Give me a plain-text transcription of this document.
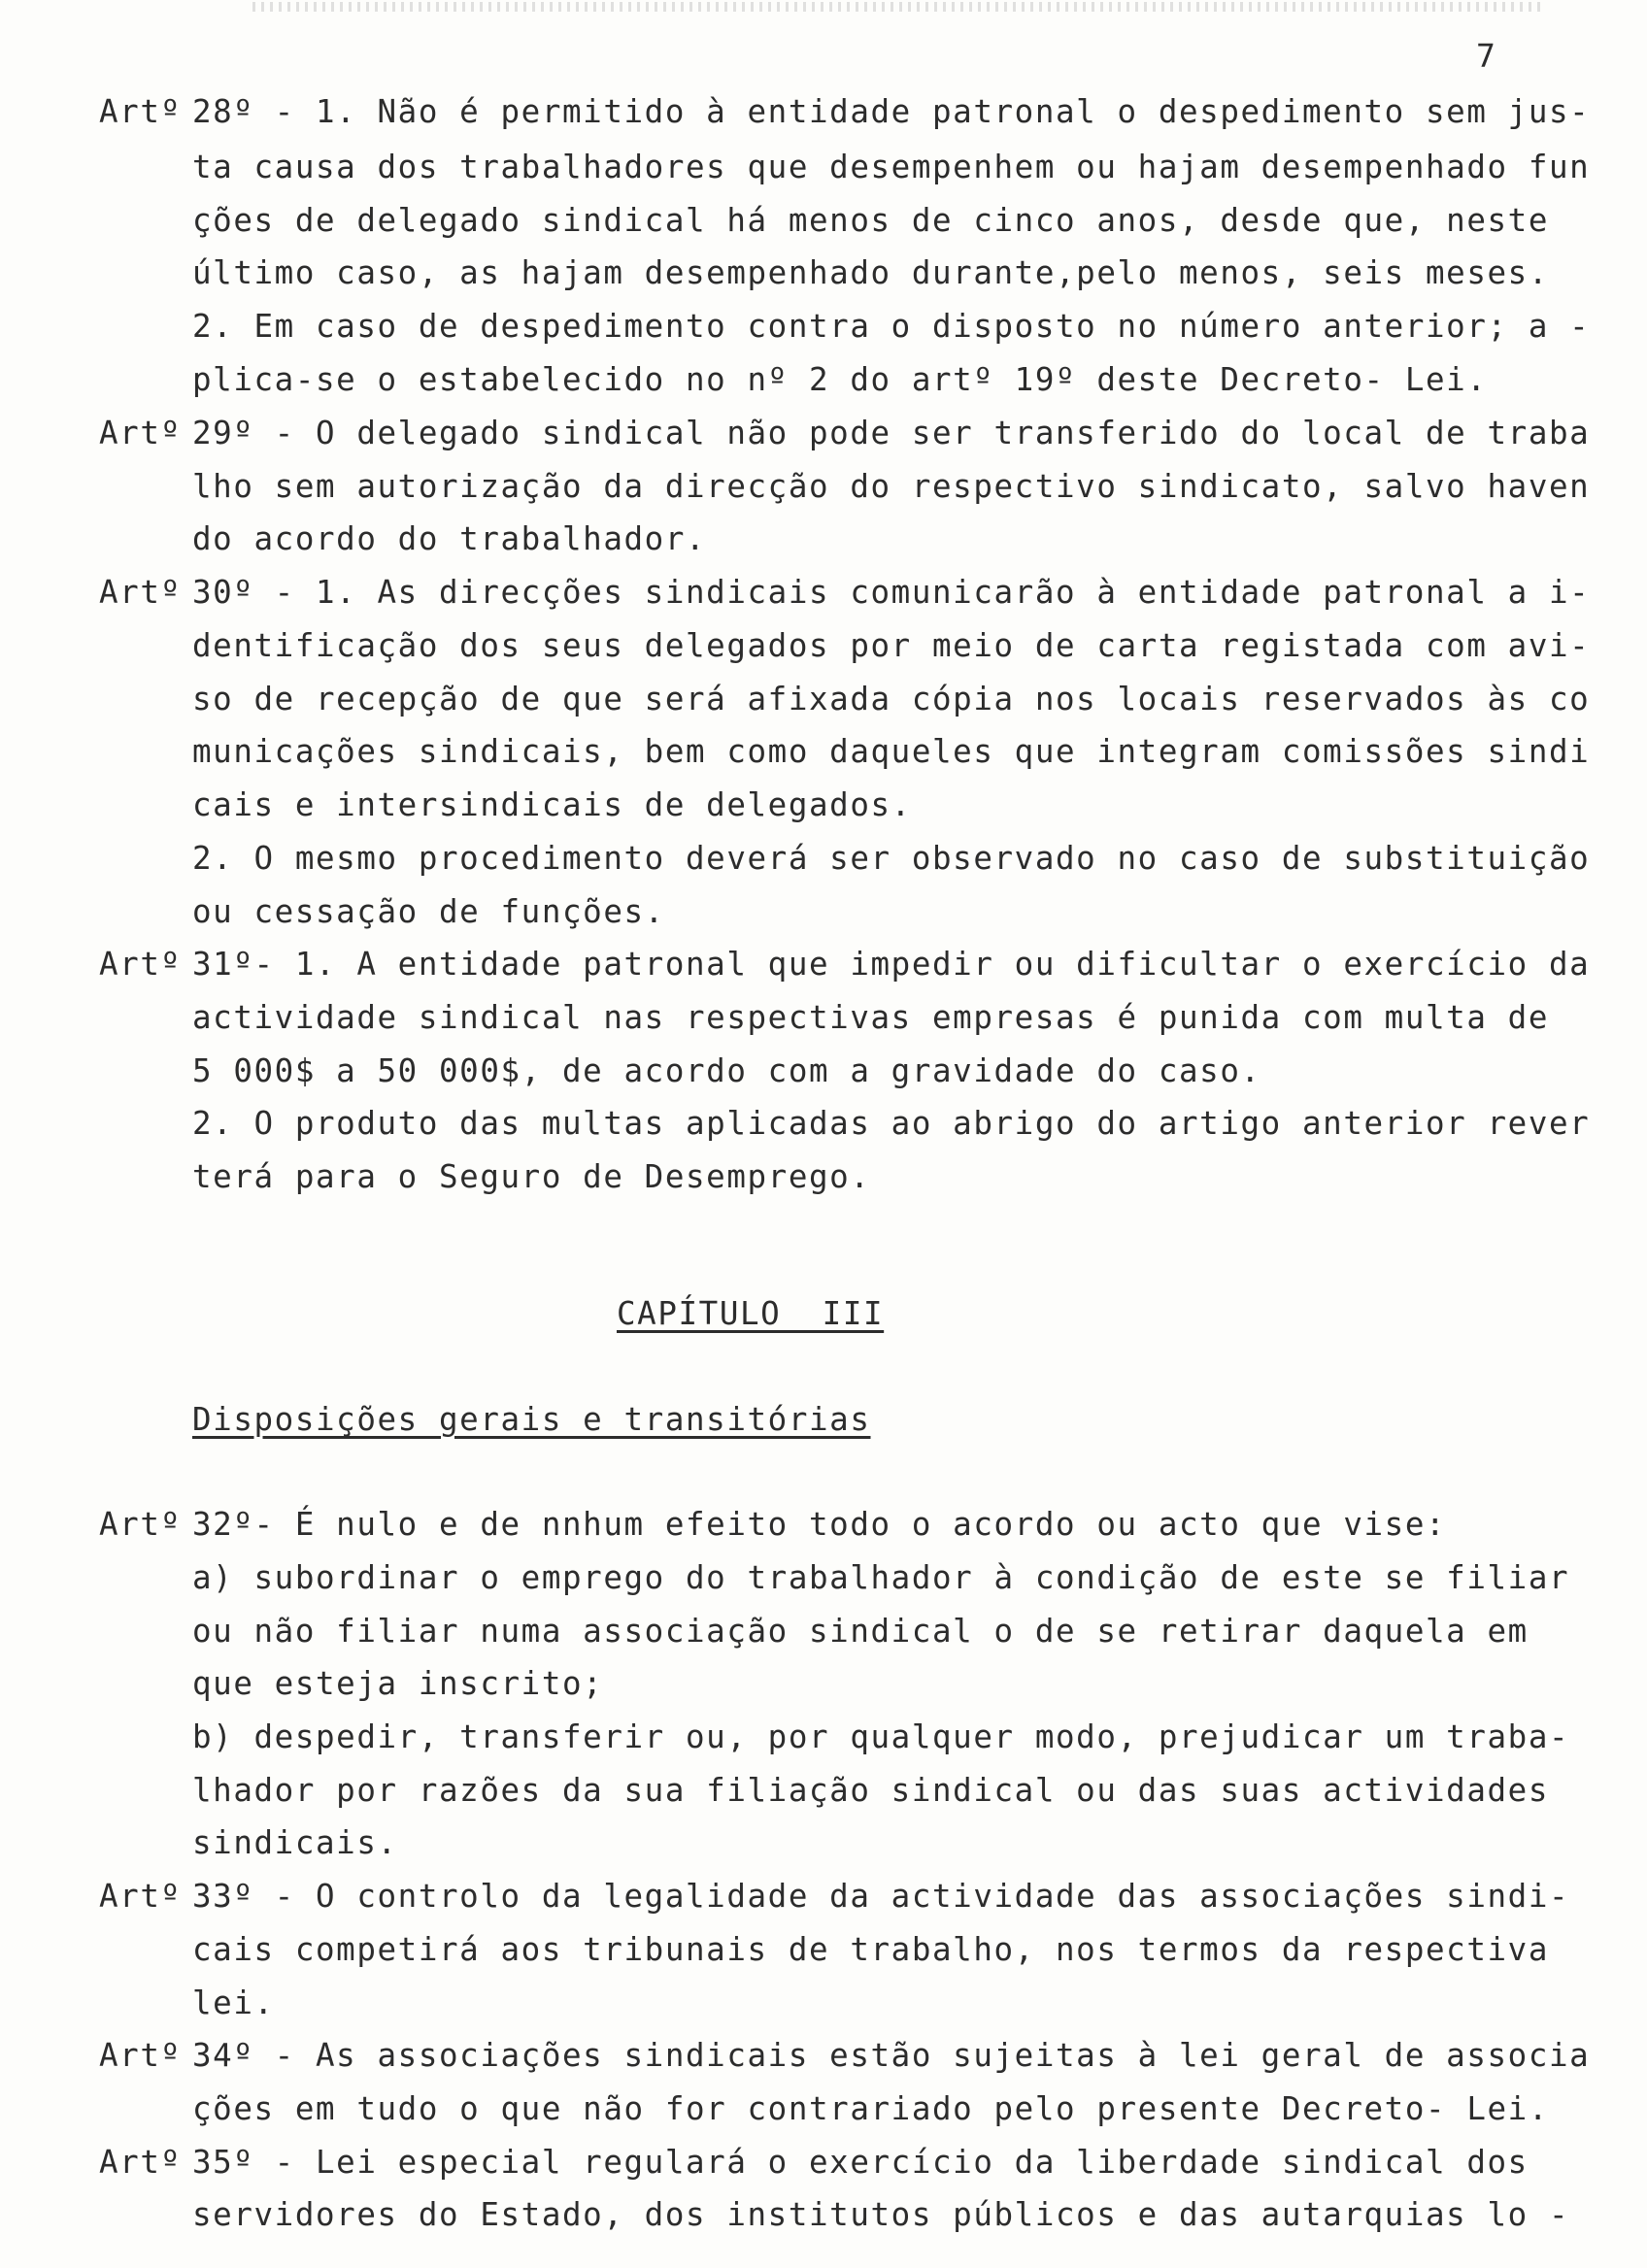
7
Artº 28º - 1. Não é permitido à entidade patronal o despedimento sem jus-
ta causa dos trabalhadores que desempenhem ou hajam desempenhado fun
ções de delegado sindical há menos de cinco anos, desde que, neste
último caso, as hajam desempenhado durante,pelo menos, seis meses.
2. Em caso de despedimento contra o disposto no número anterior; a -
plica-se o estabelecido no nº 2 do artº 19º deste Decreto- Lei.
Artº 29º - O delegado sindical não pode ser transferido do local de traba
lho sem autorização da direcção do respectivo sindicato, salvo haven
do acordo do trabalhador.
Artº 30º - 1. As direcções sindicais comunicarão à entidade patronal a i-
dentificação dos seus delegados por meio de carta registada com avi-
so de recepção de que será afixada cópia nos locais reservados às co
municações sindicais, bem como daqueles que integram comissões sindi
cais e intersindicais de delegados.
2. O mesmo procedimento deverá ser observado no caso de substituição
ou cessação de funções.
Artº 31º- 1. A entidade patronal que impedir ou dificultar o exercício da
actividade sindical nas respectivas empresas é punida com multa de
5 000$ a 50 000$, de acordo com a gravidade do caso.
2. O produto das multas aplicadas ao abrigo do artigo anterior rever
terá para o Seguro de Desemprego.
CAPÍTULO  III
Disposições gerais e transitórias
Artº 32º- É nulo e de nnhum efeito todo o acordo ou acto que vise:
a) subordinar o emprego do trabalhador à condição de este se filiar
ou não filiar numa associação sindical o de se retirar daquela em
que esteja inscrito;
b) despedir, transferir ou, por qualquer modo, prejudicar um traba-
lhador por razões da sua filiação sindical ou das suas actividades
sindicais.
Artº 33º - O controlo da legalidade da actividade das associações sindi-
cais competirá aos tribunais de trabalho, nos termos da respectiva
lei.
Artº 34º - As associações sindicais estão sujeitas à lei geral de associa
ções em tudo o que não for contrariado pelo presente Decreto- Lei.
Artº 35º - Lei especial regulará o exercício da liberdade sindical dos
servidores do Estado, dos institutos públicos e das autarquias lo -
